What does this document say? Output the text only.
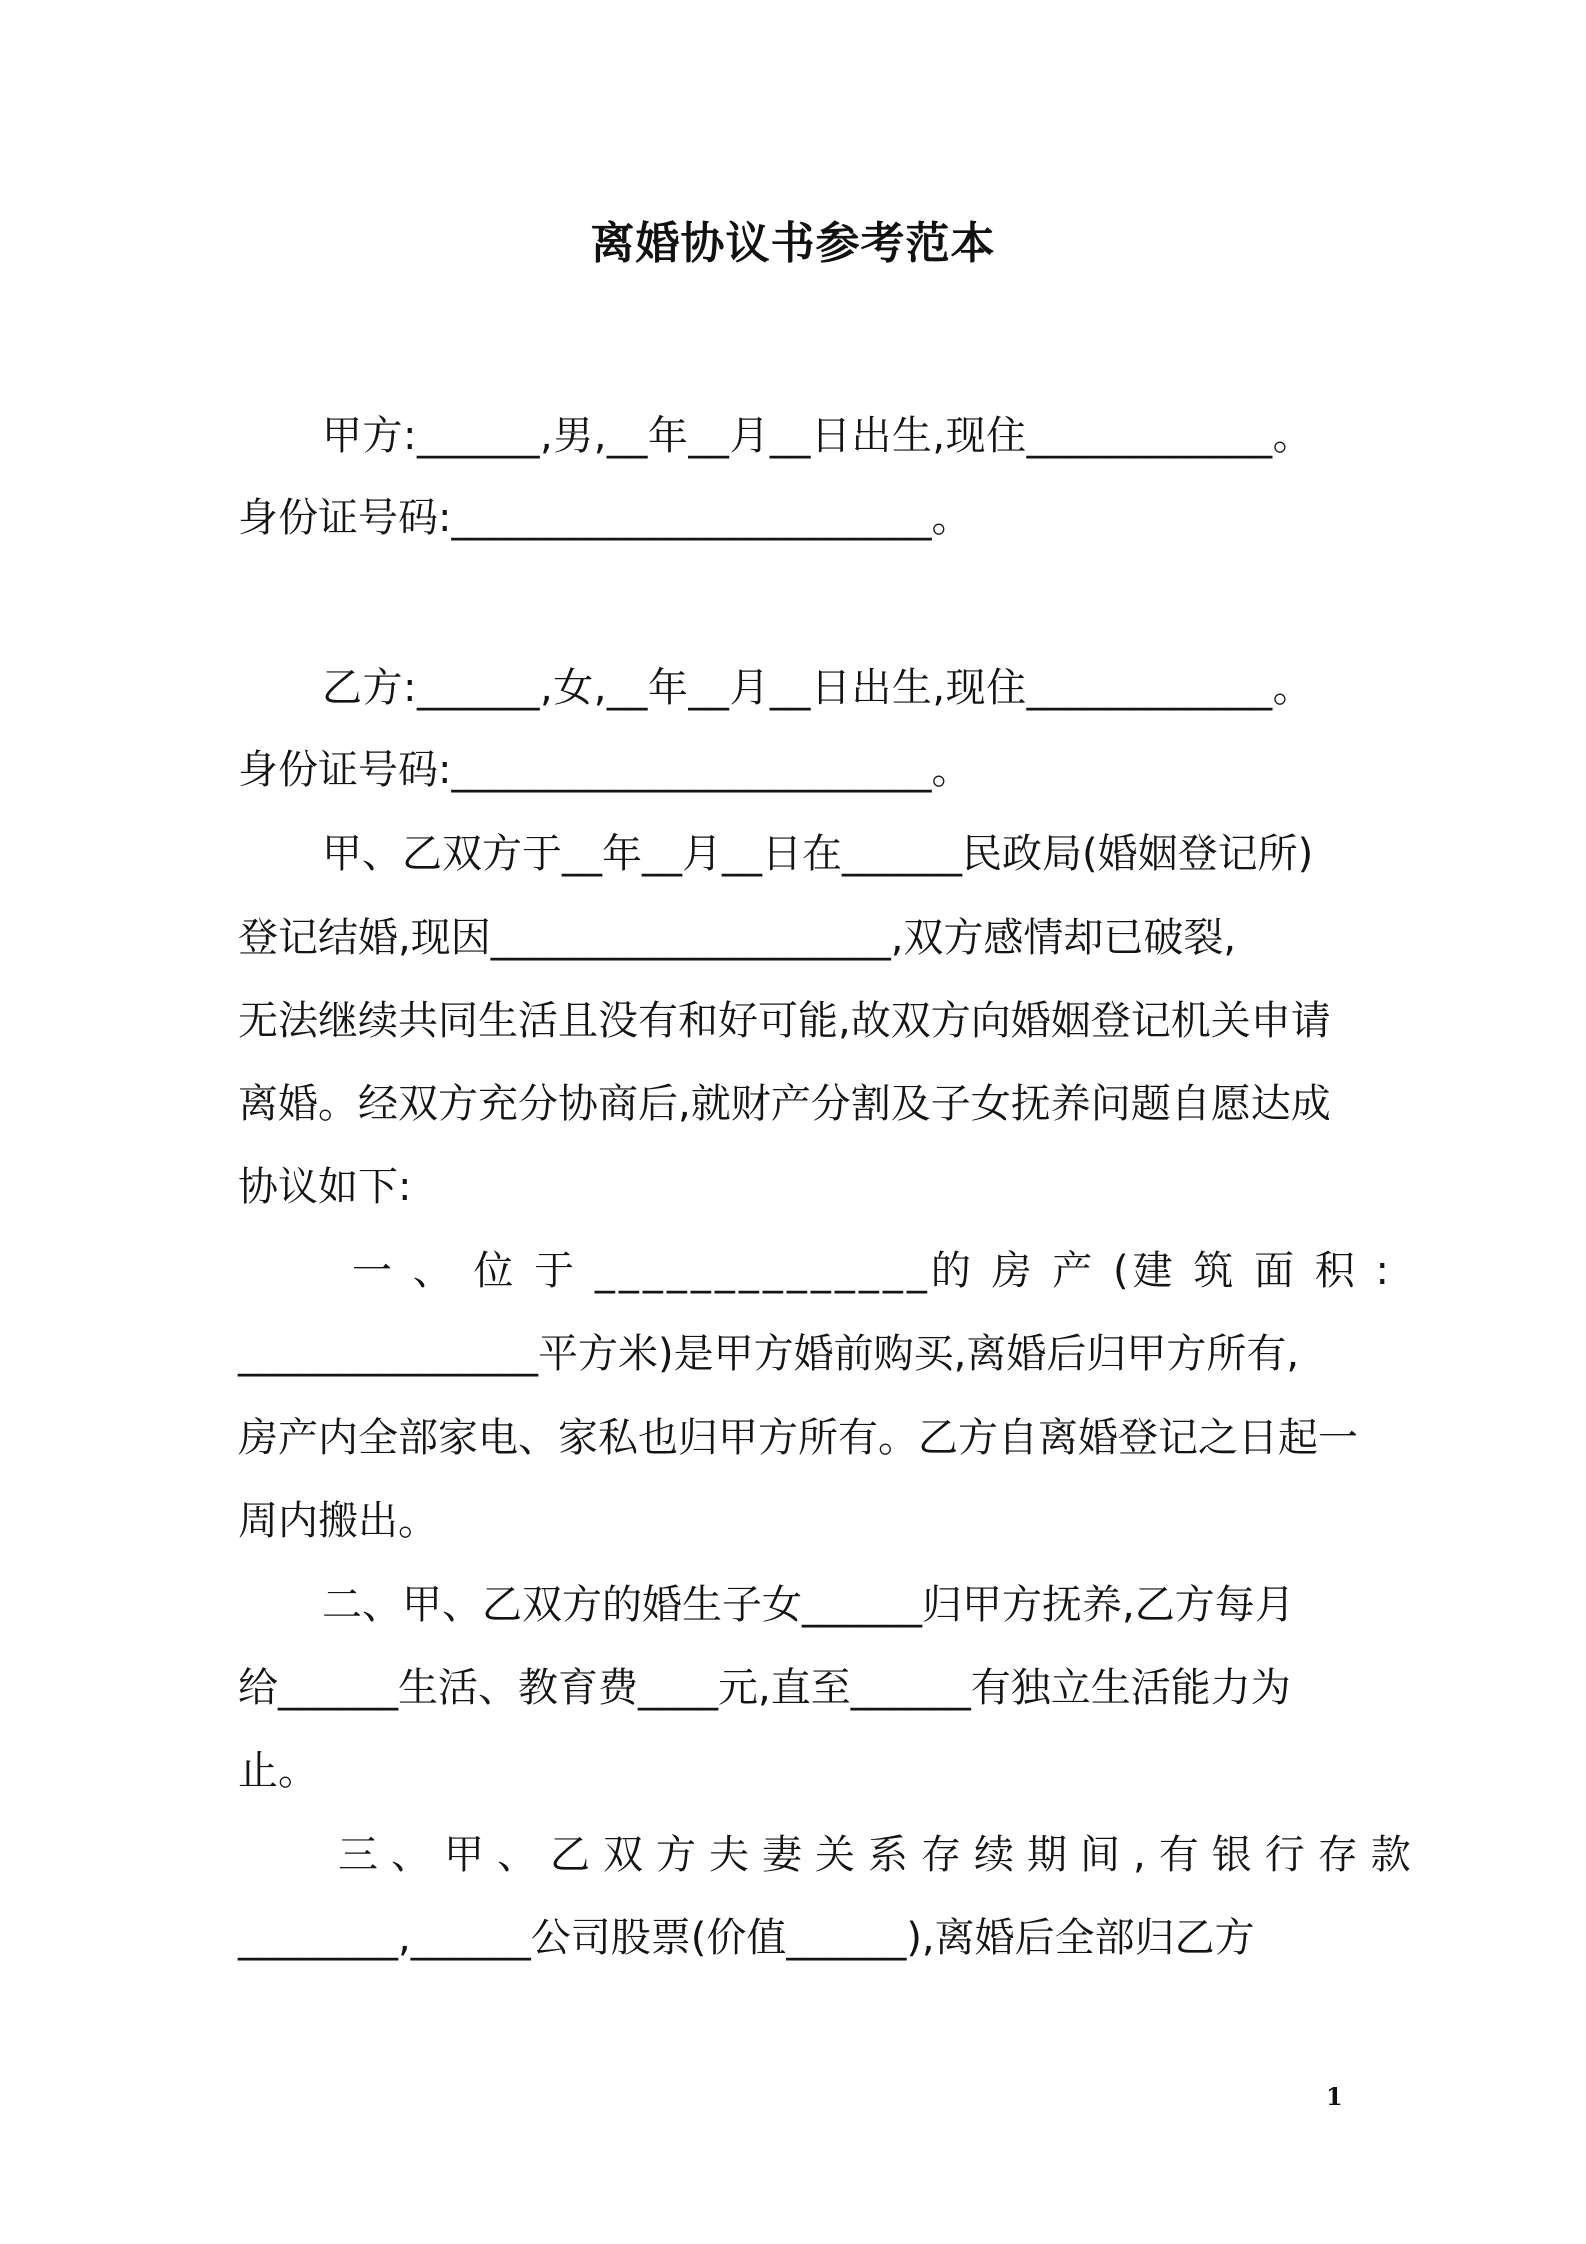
离婚协议书参考范本
甲方:______,男,__年__月__日出生,现住____________。
身份证号码:________________________。
乙方:______,女,__年__月__日出生,现住____________。
身份证号码:________________________。
甲、乙双方于__年__月__日在______民政局(婚姻登记所)
登记结婚,现因____________________,双方感情却已破裂,
无法继续共同生活且没有和好可能,故双方向婚姻登记机关申请
离婚。经双方充分协商后,就财产分割及子女抚养问题自愿达成
协议如下:
一 、 位 于 ______________的 房 产 (建 筑 面 积 :
_______________平方米)是甲方婚前购买,离婚后归甲方所有,
房产内全部家电、家私也归甲方所有。乙方自离婚登记之日起一
周内搬出。
二、甲、乙双方的婚生子女______归甲方抚养,乙方每月
给______生活、教育费____元,直至______有独立生活能力为
止。
三、甲、乙双方夫妻关系存续期间,有银行存款
________,______公司股票(价值______),离婚后全部归乙方
1
